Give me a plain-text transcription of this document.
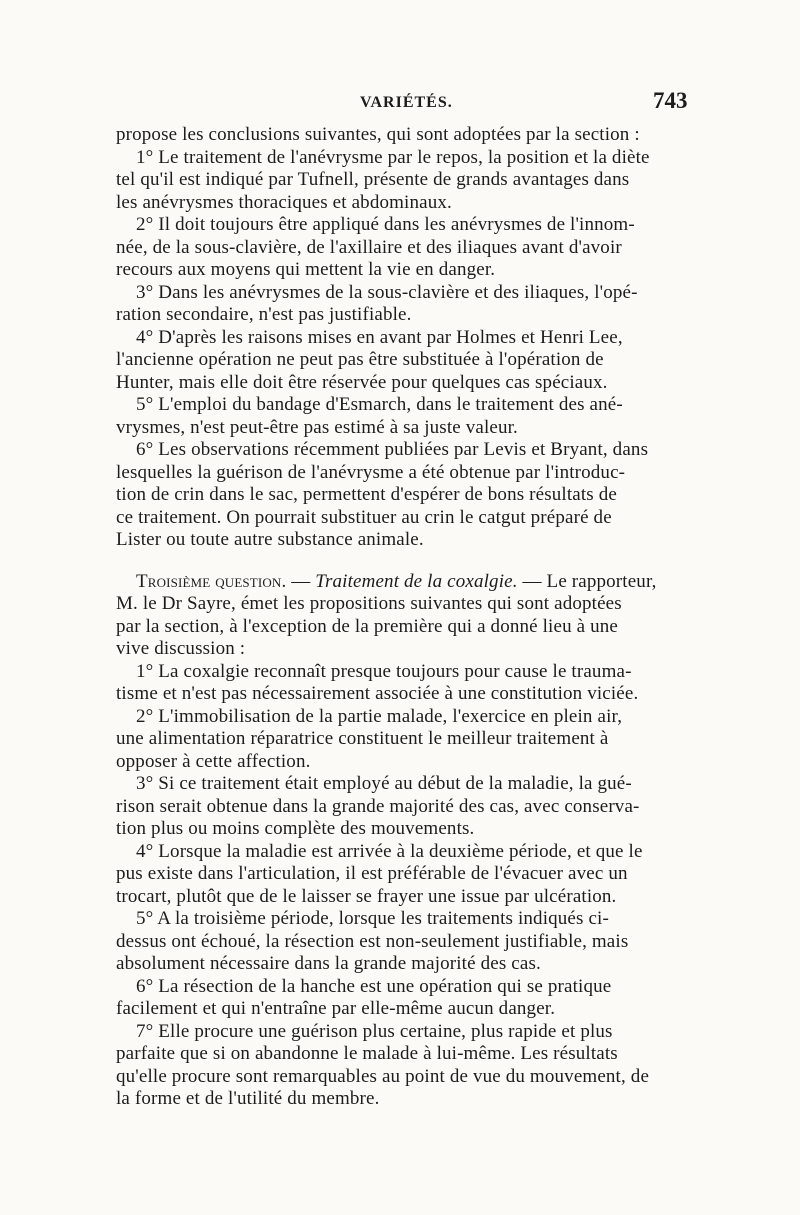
VARIÉTÉS.	743
propose les conclusions suivantes, qui sont adoptées par la section :
1° Le traitement de l'anévrysme par le repos, la position et la diète
tel qu'il est indiqué par Tufnell, présente de grands avantages dans
les anévrysmes thoraciques et abdominaux.
2° Il doit toujours être appliqué dans les anévrysmes de l'innom-
née, de la sous-clavière, de l'axillaire et des iliaques avant d'avoir
recours aux moyens qui mettent la vie en danger.
3° Dans les anévrysmes de la sous-clavière et des iliaques, l'opé-
ration secondaire, n'est pas justifiable.
4° D'après les raisons mises en avant par Holmes et Henri Lee,
l'ancienne opération ne peut pas être substituée à l'opération de
Hunter, mais elle doit être réservée pour quelques cas spéciaux.
5° L'emploi du bandage d'Esmarch, dans le traitement des ané-
vrysmes, n'est peut-être pas estimé à sa juste valeur.
6° Les observations récemment publiées par Levis et Bryant, dans
lesquelles la guérison de l'anévrysme a été obtenue par l'introduc-
tion de crin dans le sac, permettent d'espérer de bons résultats de
ce traitement. On pourrait substituer au crin le catgut préparé de
Lister ou toute autre substance animale.
Troisième question. — Traitement de la coxalgie. — Le rapporteur,
M. le Dr Sayre, émet les propositions suivantes qui sont adoptées
par la section, à l'exception de la première qui a donné lieu à une
vive discussion :
1° La coxalgie reconnaît presque toujours pour cause le trauma-
tisme et n'est pas nécessairement associée à une constitution viciée.
2° L'immobilisation de la partie malade, l'exercice en plein air,
une alimentation réparatrice constituent le meilleur traitement à
opposer à cette affection.
3° Si ce traitement était employé au début de la maladie, la gué-
rison serait obtenue dans la grande majorité des cas, avec conserva-
tion plus ou moins complète des mouvements.
4° Lorsque la maladie est arrivée à la deuxième période, et que le
pus existe dans l'articulation, il est préférable de l'évacuer avec un
trocart, plutôt que de le laisser se frayer une issue par ulcération.
5° A la troisième période, lorsque les traitements indiqués ci-
dessus ont échoué, la résection est non-seulement justifiable, mais
absolument nécessaire dans la grande majorité des cas.
6° La résection de la hanche est une opération qui se pratique
facilement et qui n'entraîne par elle-même aucun danger.
7° Elle procure une guérison plus certaine, plus rapide et plus
parfaite que si on abandonne le malade à lui-même. Les résultats
qu'elle procure sont remarquables au point de vue du mouvement, de
la forme et de l'utilité du membre.
